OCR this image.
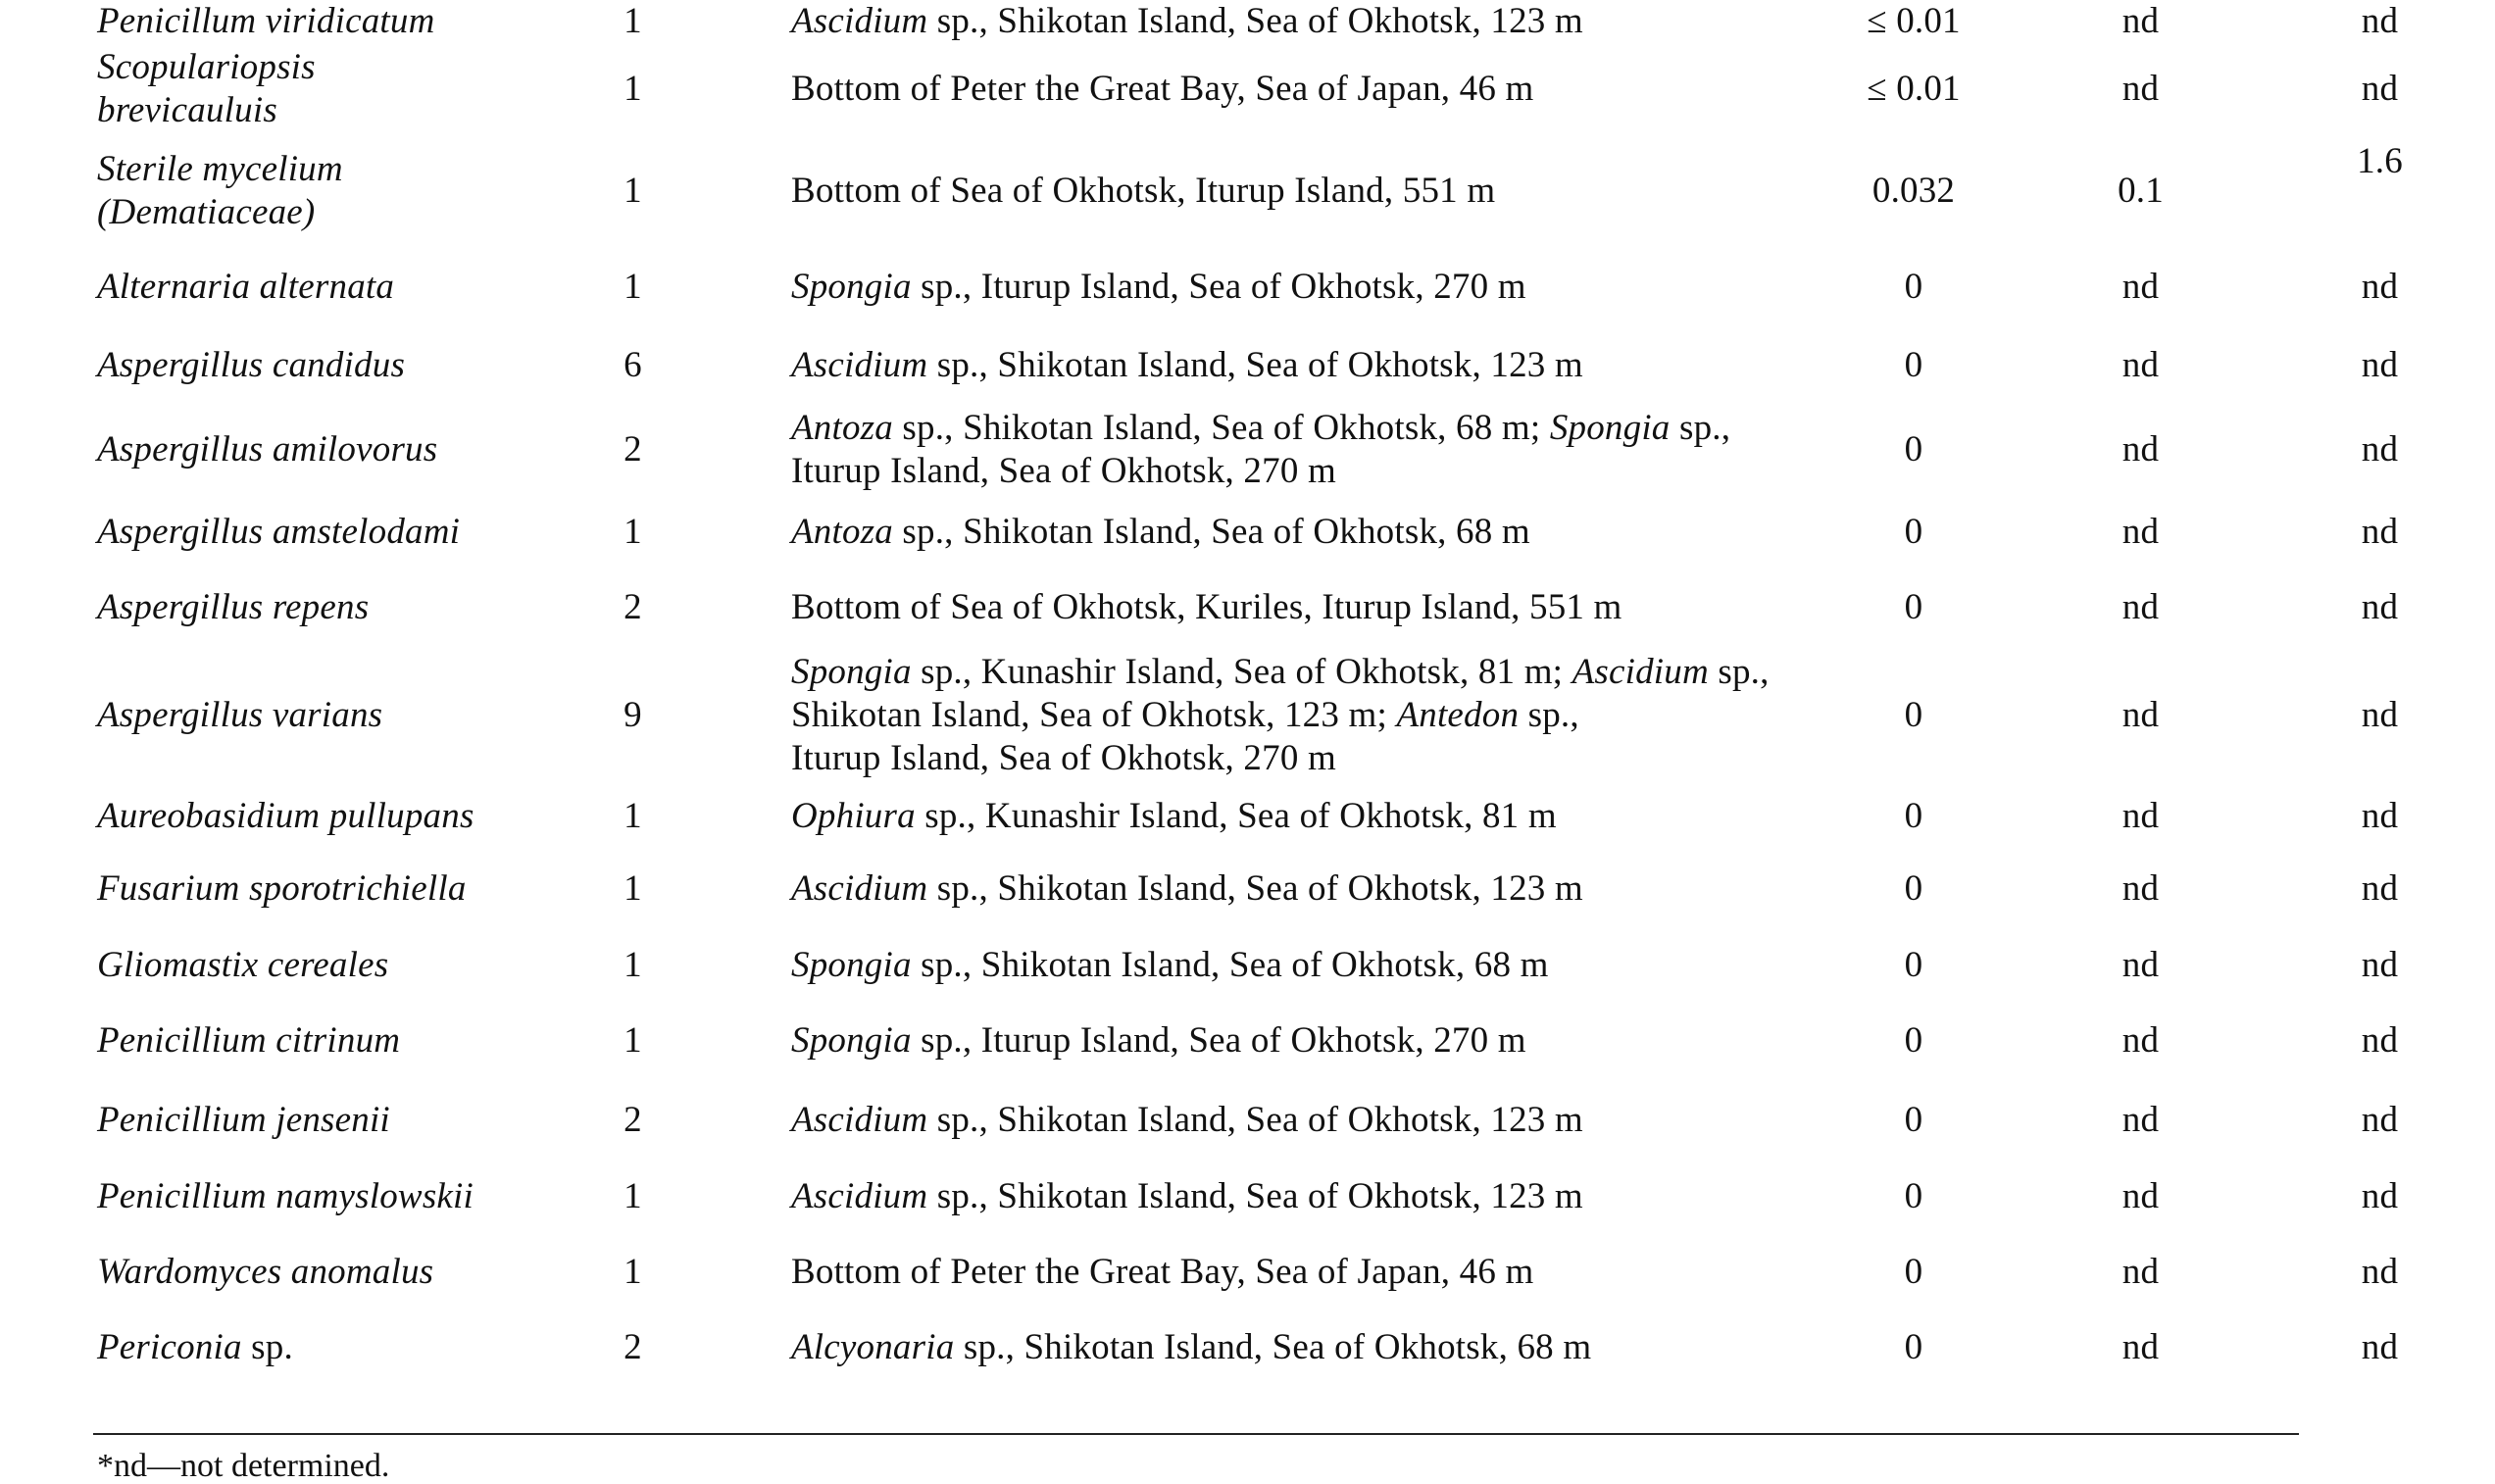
Penicillum viridicatum	1	Ascidium sp., Shikotan Island, Sea of Okhotsk, 123 m	≤ 0.01	nd	nd
Scopulariopsis
brevicauluis	1	Bottom of Peter the Great Bay, Sea of Japan, 46 m	≤ 0.01	nd	nd
Sterile mycelium
(Dematiaceae)	1	Bottom of Sea of Okhotsk, Iturup Island, 551 m	0.032	0.1	1.6
Alternaria alternata	1	Spongia sp., Iturup Island, Sea of Okhotsk, 270 m	0	nd	nd
Aspergillus candidus	6	Ascidium sp., Shikotan Island, Sea of Okhotsk, 123 m	0	nd	nd
Aspergillus amilovorus	2	Antoza sp., Shikotan Island, Sea of Okhotsk, 68 m; Spongia sp.,
Iturup Island, Sea of Okhotsk, 270 m	0	nd	nd
Aspergillus amstelodami	1	Antoza sp., Shikotan Island, Sea of Okhotsk, 68 m	0	nd	nd
Aspergillus repens	2	Bottom of Sea of Okhotsk, Kuriles, Iturup Island, 551 m	0	nd	nd
Aspergillus varians	9	Spongia sp., Kunashir Island, Sea of Okhotsk, 81 m; Ascidium sp.,
Shikotan Island, Sea of Okhotsk, 123 m; Antedon sp.,
Iturup Island, Sea of Okhotsk, 270 m	0	nd	nd
Aureobasidium pullupans	1	Ophiura sp., Kunashir Island, Sea of Okhotsk, 81 m	0	nd	nd
Fusarium sporotrichiella	1	Ascidium sp., Shikotan Island, Sea of Okhotsk, 123 m	0	nd	nd
Gliomastix cereales	1	Spongia sp., Shikotan Island, Sea of Okhotsk, 68 m	0	nd	nd
Penicillium citrinum	1	Spongia sp., Iturup Island, Sea of Okhotsk, 270 m	0	nd	nd
Penicillium jensenii	2	Ascidium sp., Shikotan Island, Sea of Okhotsk, 123 m	0	nd	nd
Penicillium namyslowskii	1	Ascidium sp., Shikotan Island, Sea of Okhotsk, 123 m	0	nd	nd
Wardomyces anomalus	1	Bottom of Peter the Great Bay, Sea of Japan, 46 m	0	nd	nd
Periconia sp.	2	Alcyonaria sp., Shikotan Island, Sea of Okhotsk, 68 m	0	nd	nd
*nd—not determined.
